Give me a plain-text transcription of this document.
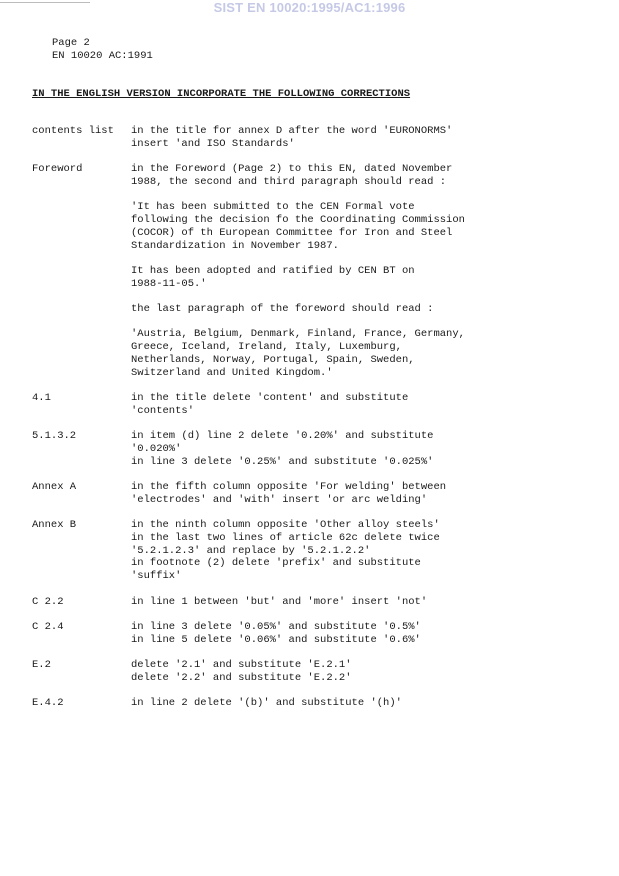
SIST EN 10020:1995/AC1:1996
Page 2
EN 10020 AC:1991
IN THE ENGLISH VERSION INCORPORATE THE FOLLOWING CORRECTIONS
contents list	in the title for annex D after the word 'EURONORMS'
insert 'and ISO Standards'
Foreword	in the Foreword (Page 2) to this EN, dated November
1988, the second and third paragraph should read :
'It has been submitted to the CEN Formal vote
following the decision fo the Coordinating Commission
(COCOR) of th European Committee for Iron and Steel
Standardization in November 1987.
It has been adopted and ratified by CEN BT on
1988-11-05.'
the last paragraph of the foreword should read :
'Austria, Belgium, Denmark, Finland, France, Germany,
Greece, Iceland, Ireland, Italy, Luxemburg,
Netherlands, Norway, Portugal, Spain, Sweden,
Switzerland and United Kingdom.'
4.1	in the title delete 'content' and substitute
'contents'
5.1.3.2	in item (d) line 2 delete '0.20%' and substitute
'0.020%'
in line 3 delete '0.25%' and substitute '0.025%'
Annex A	in the fifth column opposite 'For welding' between
'electrodes' and 'with' insert 'or arc welding'
Annex B	in the ninth column opposite 'Other alloy steels'
in the last two lines of article 62c delete twice
'5.2.1.2.3' and replace by '5.2.1.2.2'
in footnote (2) delete 'prefix' and substitute
'suffix'
C 2.2	in line 1 between 'but' and 'more' insert 'not'
C 2.4	in line 3 delete '0.05%' and substitute '0.5%'
in line 5 delete '0.06%' and substitute '0.6%'
E.2	delete '2.1' and substitute 'E.2.1'
delete '2.2' and substitute 'E.2.2'
E.4.2	in line 2 delete '(b)' and substitute '(h)'
